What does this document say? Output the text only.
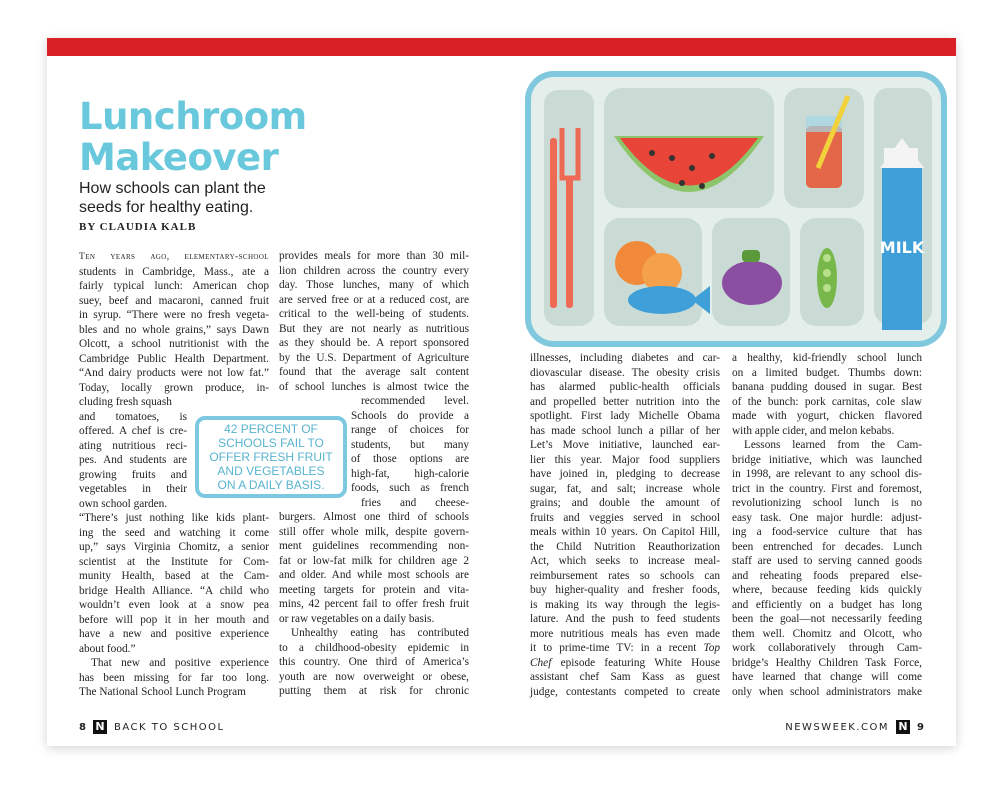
Lunchroom
Makeover

How schools can plant the
seeds for healthy eating.

BY CLAUDIA KALB

Ten years ago, elementary-school

students in Cambridge, Mass., ate a

fairly typical lunch: American chop

suey, beef and macaroni, canned fruit

in syrup. “There were no fresh vegeta-

bles and no whole grains,” says Dawn

Olcott, a school nutritionist with the

Cambridge Public Health Department.

“And dairy products were not low fat.”

Today, locally grown produce, in-

cluding fresh squash

and tomatoes, is

offered. A chef is cre-

ating nutritious reci-

pes. And students are

growing fruits and

vegetables in their

own school garden.

“There’s just nothing like kids plant-

ing the seed and watching it come

up,” says Virginia Chomitz, a senior

scientist at the Institute for Com-

munity Health, based at the Cam-

bridge Health Alliance. “A child who

wouldn’t even look at a snow pea

before will pop it in her mouth and

have a new and positive experience

about food.”

That new and positive experience

has been missing for far too long.

The National School Lunch Program

provides meals for more than 30 mil-

lion children across the country every

day. Those lunches, many of which

are served free or at a reduced cost, are

critical to the well-being of students.

But they are not nearly as nutritious

as they should be. A report sponsored

by the U.S. Department of Agriculture

found that the average salt content

of school lunches is almost twice the

recommended level.

Schools do provide a

range of choices for

students, but many

of those options are

high-fat, high-calorie

foods, such as french

fries and cheese-

burgers. Almost one third of schools

still offer whole milk, despite govern-

ment guidelines recommending non-

fat or low-fat milk for children age 2

and older. And while most schools are

meeting targets for protein and vita-

mins, 42 percent fail to offer fresh fruit

or raw vegetables on a daily basis.

Unhealthy eating has contributed

to a childhood-obesity epidemic in

this country. One third of America’s

youth are now overweight or obese,

putting them at risk for chronic

42 PERCENT OF
SCHOOLS FAIL TO
OFFER FRESH FRUIT
AND VEGETABLES
ON A DAILY BASIS.
MILK

illnesses, including diabetes and car-

diovascular disease. The obesity crisis

has alarmed public-health officials

and propelled better nutrition into the

spotlight. First lady Michelle Obama

has made school lunch a pillar of her

Let’s Move initiative, launched ear-

lier this year. Major food suppliers

have joined in, pledging to decrease

sugar, fat, and salt; increase whole

grains; and double the amount of

fruits and veggies served in school

meals within 10 years. On Capitol Hill,

the Child Nutrition Reauthorization

Act, which seeks to increase meal-

reimbursement rates so schools can

buy higher-quality and fresher foods,

is making its way through the legis-

lature. And the push to feed students

more nutritious meals has even made

it to prime-time TV: in a recent Top

Chef episode featuring White House

assistant chef Sam Kass as guest

judge, contestants competed to create

a healthy, kid-friendly school lunch

on a limited budget. Thumbs down:

banana pudding doused in sugar. Best

of the bunch: pork carnitas, cole slaw

made with yogurt, chicken flavored

with apple cider, and melon kebabs.

Lessons learned from the Cam-

bridge initiative, which was launched

in 1998, are relevant to any school dis-

trict in the country. First and foremost,

revolutionizing school lunch is no

easy task. One major hurdle: adjust-

ing a food-service culture that has

been entrenched for decades. Lunch

staff are used to serving canned goods

and reheating foods prepared else-

where, because feeding kids quickly

and efficiently on a budget has long

been the goal—not necessarily feeding

them well. Chomitz and Olcott, who

work collaboratively through Cam-

bridge’s Healthy Children Task Force,

have learned that change will come

only when school administrators make

8 N BACK TO SCHOOL	NEWSWEEK.COM N 9
